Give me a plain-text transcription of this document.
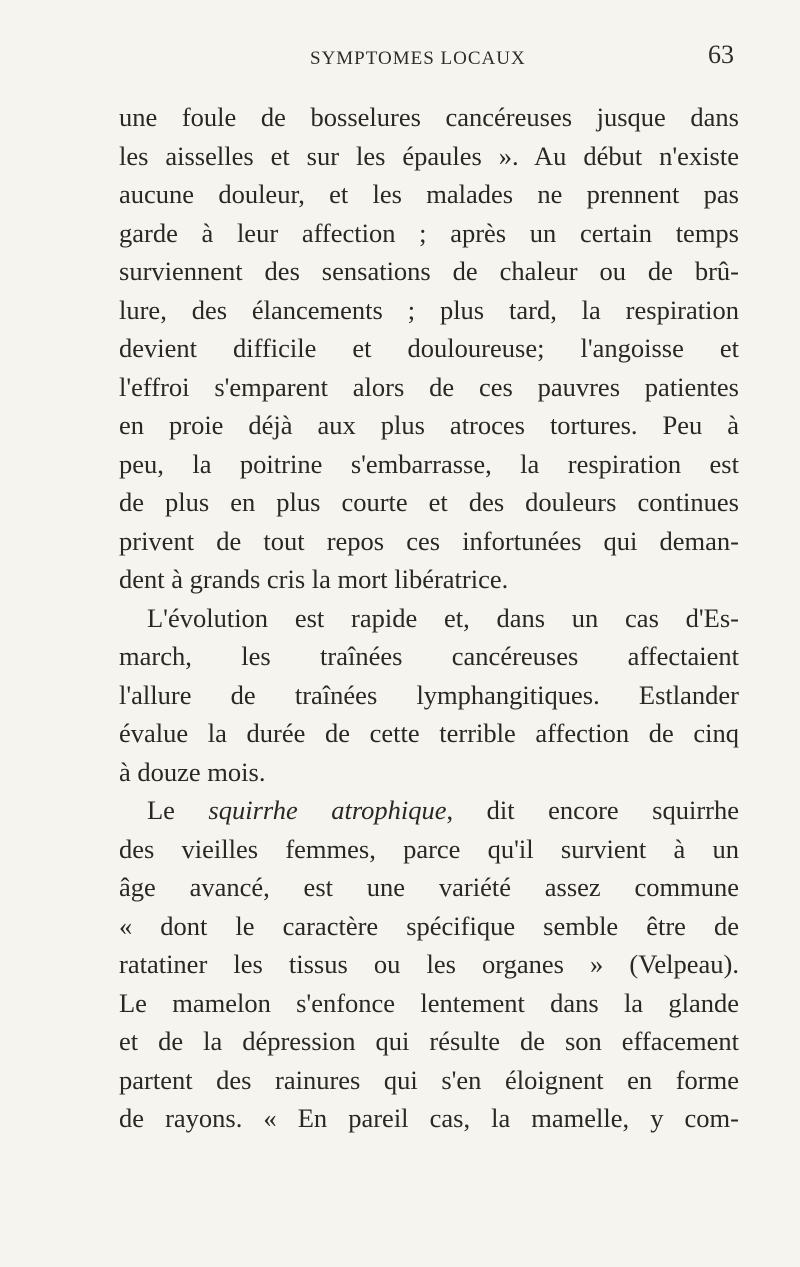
SYMPTOMES LOCAUX	63
une foule de bosselures cancéreuses jusque dans
les aisselles et sur les épaules ». Au début n'existe
aucune douleur, et les malades ne prennent pas
garde à leur affection ; après un certain temps
surviennent des sensations de chaleur ou de brû-
lure, des élancements ; plus tard, la respiration
devient difficile et douloureuse; l'angoisse et
l'effroi s'emparent alors de ces pauvres patientes
en proie déjà aux plus atroces tortures. Peu à
peu, la poitrine s'embarrasse, la respiration est
de plus en plus courte et des douleurs continues
privent de tout repos ces infortunées qui deman-
dent à grands cris la mort libératrice.
L'évolution est rapide et, dans un cas d'Es-
march, les traînées cancéreuses affectaient
l'allure de traînées lymphangitiques. Estlander
évalue la durée de cette terrible affection de cinq
à douze mois.
Le squirrhe atrophique, dit encore squirrhe
des vieilles femmes, parce qu'il survient à un
âge avancé, est une variété assez commune
« dont le caractère spécifique semble être de
ratatiner les tissus ou les organes » (Velpeau).
Le mamelon s'enfonce lentement dans la glande
et de la dépression qui résulte de son effacement
partent des rainures qui s'en éloignent en forme
de rayons. « En pareil cas, la mamelle, y com-
